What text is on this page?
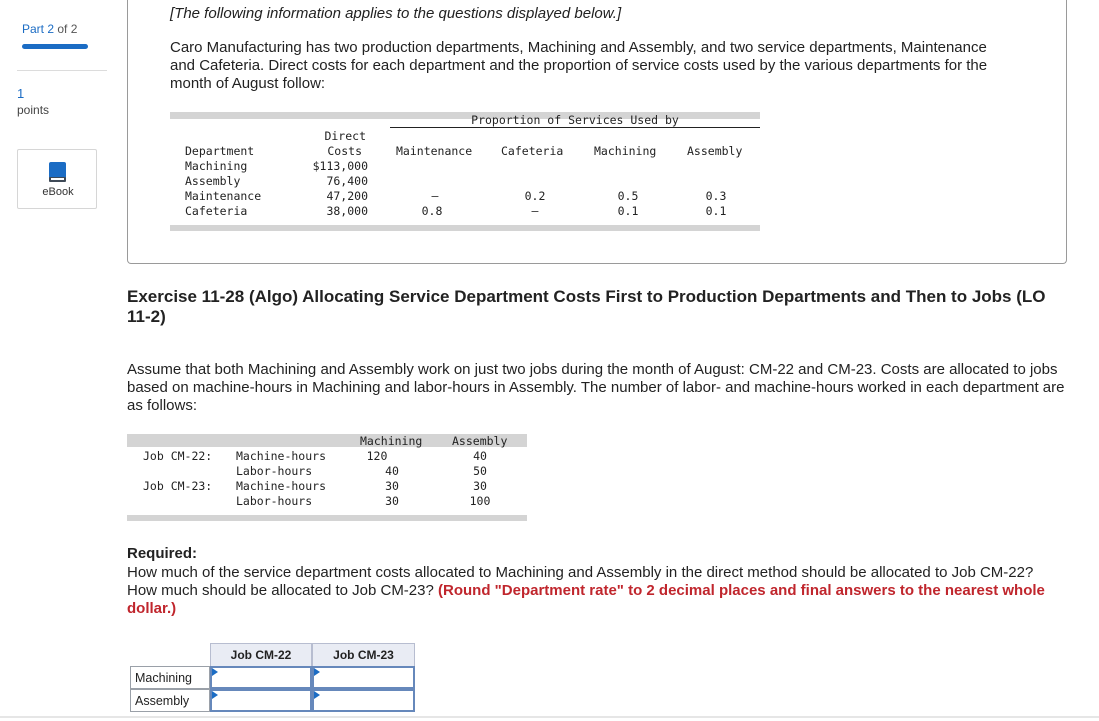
Part 2 of 2
1
points
eBook
[The following information applies to the questions displayed below.]
Caro Manufacturing has two production departments, Machining and Assembly, and two service departments, Maintenance and Cafeteria. Direct costs for each department and the proportion of service costs used by the various departments for the month of August follow:
Proportion of Services Used by
Direct
Department	Costs	Maintenance	Cafeteria	Machining	Assembly
Machining	$113,000
Assembly	76,400
Maintenance	47,200	—	0.2	0.5	0.3
Cafeteria	38,000	0.8	—	0.1	0.1
Exercise 11-28 (Algo) Allocating Service Department Costs First to Production Departments and Then to Jobs (LO 11-2)
Assume that both Machining and Assembly work on just two jobs during the month of August: CM-22 and CM-23. Costs are allocated to jobs based on machine-hours in Machining and labor-hours in Assembly. The number of labor- and machine-hours worked in each department are as follows:
Machining	Assembly
Job CM-22: Machine-hours	120	40
Labor-hours	40	50
Job CM-23: Machine-hours	30	30
Labor-hours	30	100
Required:
How much of the service department costs allocated to Machining and Assembly in the direct method should be allocated to Job CM-22? How much should be allocated to Job CM-23? (Round "Department rate" to 2 decimal places and final answers to the nearest whole dollar.)
Job CM-22	Job CM-23
Machining
Assembly
